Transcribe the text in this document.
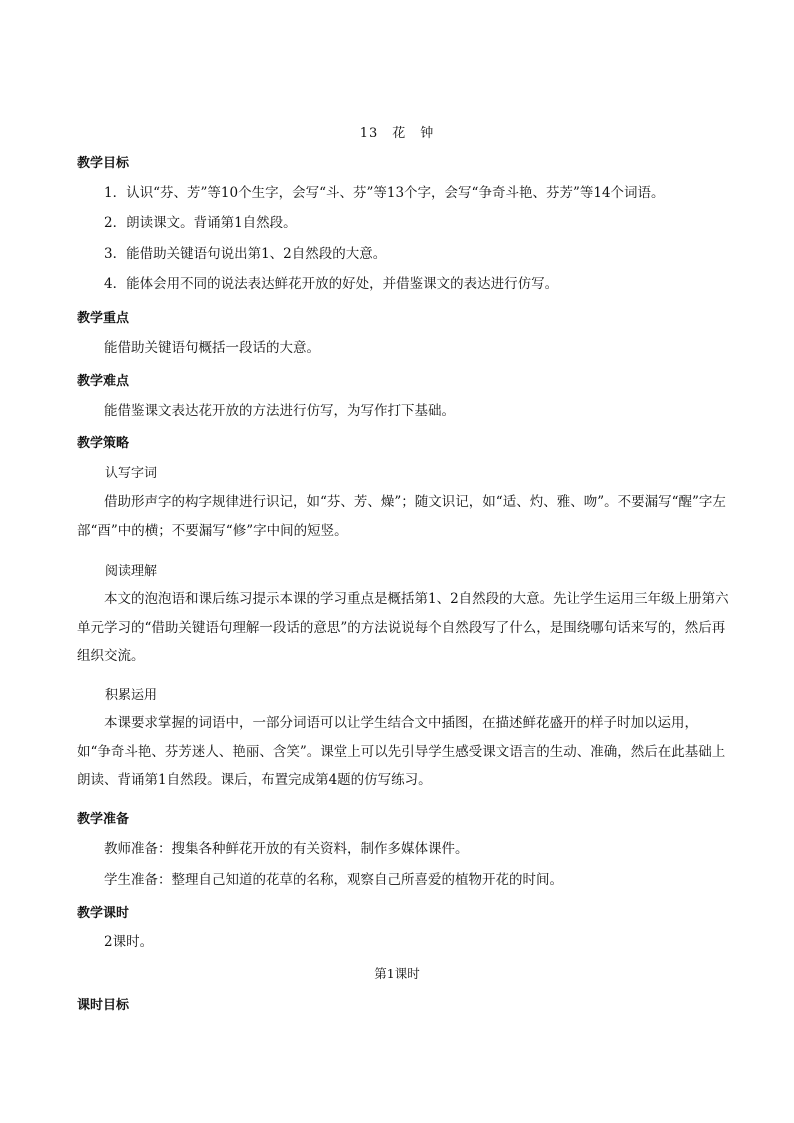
13　花　钟
教学目标
1．认识“芬、芳”等10个生字，会写“斗、芬”等13个字，会写“争奇斗艳、芬芳”等14个词语。
2．朗读课文。背诵第1自然段。
3．能借助关键语句说出第1、2自然段的大意。
4．能体会用不同的说法表达鲜花开放的好处，并借鉴课文的表达进行仿写。
教学重点
能借助关键语句概括一段话的大意。
教学难点
能借鉴课文表达花开放的方法进行仿写，为写作打下基础。
教学策略
认写字词

借助形声字的构字规律进行识记，如“芬、芳、燥”；随文识记，如“适、灼、雅、吻”。不要漏写“醒”字左部“酉”中的横；不要漏写“修”字中间的短竖。

阅读理解

本文的泡泡语和课后练习提示本课的学习重点是概括第1、2自然段的大意。先让学生运用三年级上册第六单元学习的“借助关键语句理解一段话的意思”的方法说说每个自然段写了什么，是围绕哪句话来写的，然后再组织交流。

积累运用

本课要求掌握的词语中，一部分词语可以让学生结合文中插图，在描述鲜花盛开的样子时加以运用，如“争奇斗艳、芬芳迷人、艳丽、含笑”。课堂上可以先引导学生感受课文语言的生动、准确，然后在此基础上朗读、背诵第1自然段。课后，布置完成第4题的仿写练习。

教学准备
教师准备：搜集各种鲜花开放的有关资料，制作多媒体课件。
学生准备：整理自己知道的花草的名称，观察自己所喜爱的植物开花的时间。
教学课时
2课时。
第1课时
课时目标
